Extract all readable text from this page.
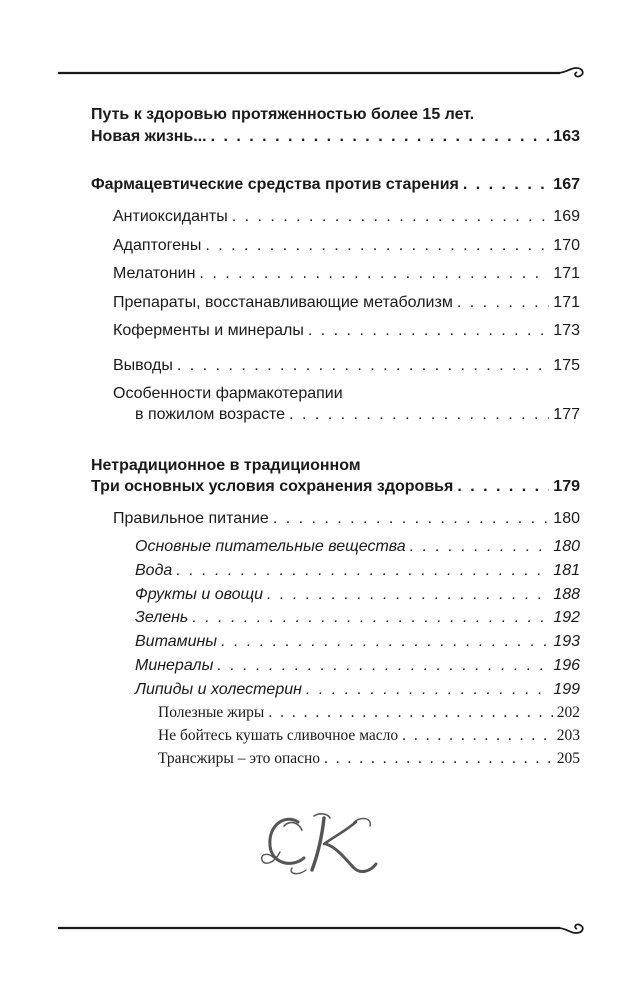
Путь к здоровью протяженностью более 15 лет.
Новая жизнь... . . .	163
Фармацевтические средства против старения . . .	167
Антиоксиданты . . .	169
Адаптогены . . .	170
Мелатонин . . .	171
Препараты, восстанавливающие метаболизм . . .	171
Коферменты и минералы . . .	173
Выводы . . .	175
Особенности фармакотерапии
в пожилом возрасте . . .	177
Нетрадиционное в традиционном
Три основных условия сохранения здоровья . . .	179
Правильное питание . . .	180
Основные питательные вещества . . .	180
Вода . . .	181
Фрукты и овощи . . .	188
Зелень . . .	192
Витамины . . .	193
Минералы . . .	196
Липиды и холестерин . . .	199
Полезные жиры . . .	202
Не бойтесь кушать сливочное масло . . .	203
Трансжиры – это опасно . . .	205
